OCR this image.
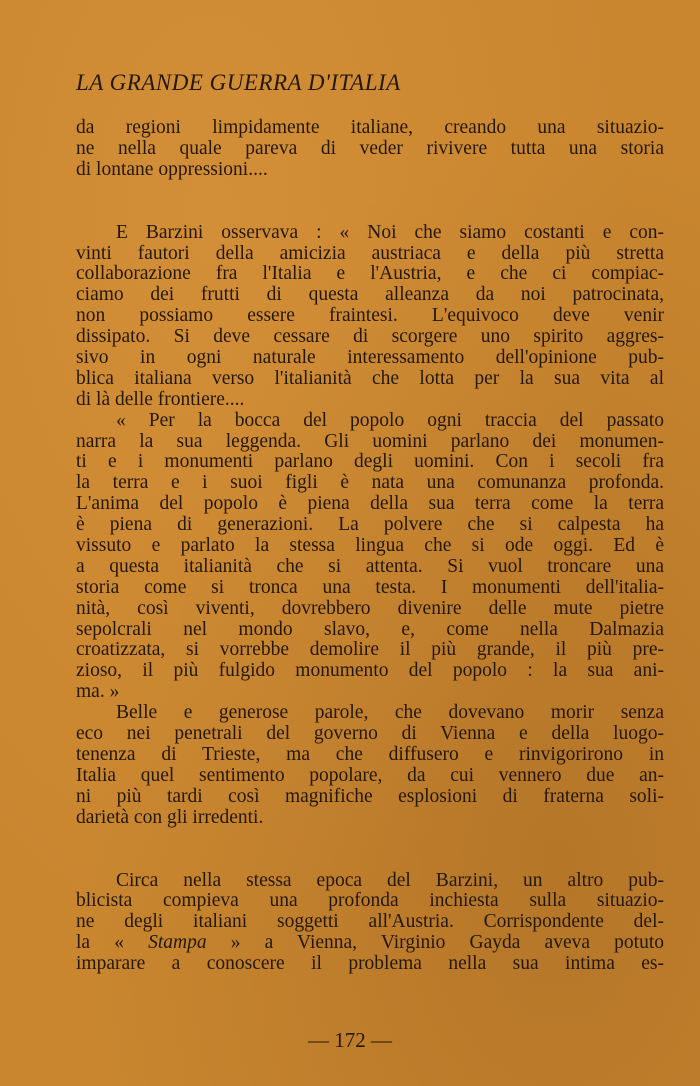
LA GRANDE GUERRA D'ITALIA
da regioni limpidamente italiane, creando una situazio-
ne nella quale pareva di veder rivivere tutta una storia
di lontane oppressioni....
E Barzini osservava : « Noi che siamo costanti e con-
vinti fautori della amicizia austriaca e della più stretta
collaborazione fra l'Italia e l'Austria, e che ci compiac-
ciamo dei frutti di questa alleanza da noi patrocinata,
non possiamo essere fraintesi. L'equivoco deve venir
dissipato. Si deve cessare di scorgere uno spirito aggres-
sivo in ogni naturale interessamento dell'opinione pub-
blica italiana verso l'italianità che lotta per la sua vita al
di là delle frontiere....
« Per la bocca del popolo ogni traccia del passato
narra la sua leggenda. Gli uomini parlano dei monumen-
ti e i monumenti parlano degli uomini. Con i secoli fra
la terra e i suoi figli è nata una comunanza profonda.
L'anima del popolo è piena della sua terra come la terra
è piena di generazioni. La polvere che si calpesta ha
vissuto e parlato la stessa lingua che si ode oggi. Ed è
a questa italianità che si attenta. Si vuol troncare una
storia come si tronca una testa. I monumenti dell'italia-
nità, così viventi, dovrebbero divenire delle mute pietre
sepolcrali nel mondo slavo, e, come nella Dalmazia
croatizzata, si vorrebbe demolire il più grande, il più pre-
zioso, il più fulgido monumento del popolo : la sua ani-
ma. »
Belle e generose parole, che dovevano morir senza
eco nei penetrali del governo di Vienna e della luogo-
tenenza di Trieste, ma che diffusero e rinvigorirono in
Italia quel sentimento popolare, da cui vennero due an-
ni più tardi così magnifiche esplosioni di fraterna soli-
darietà con gli irredenti.
Circa nella stessa epoca del Barzini, un altro pub-
blicista compieva una profonda inchiesta sulla situazio-
ne degli italiani soggetti all'Austria. Corrispondente del-
la « Stampa » a Vienna, Virginio Gayda aveva potuto
imparare a conoscere il problema nella sua intima es-
— 172 —
